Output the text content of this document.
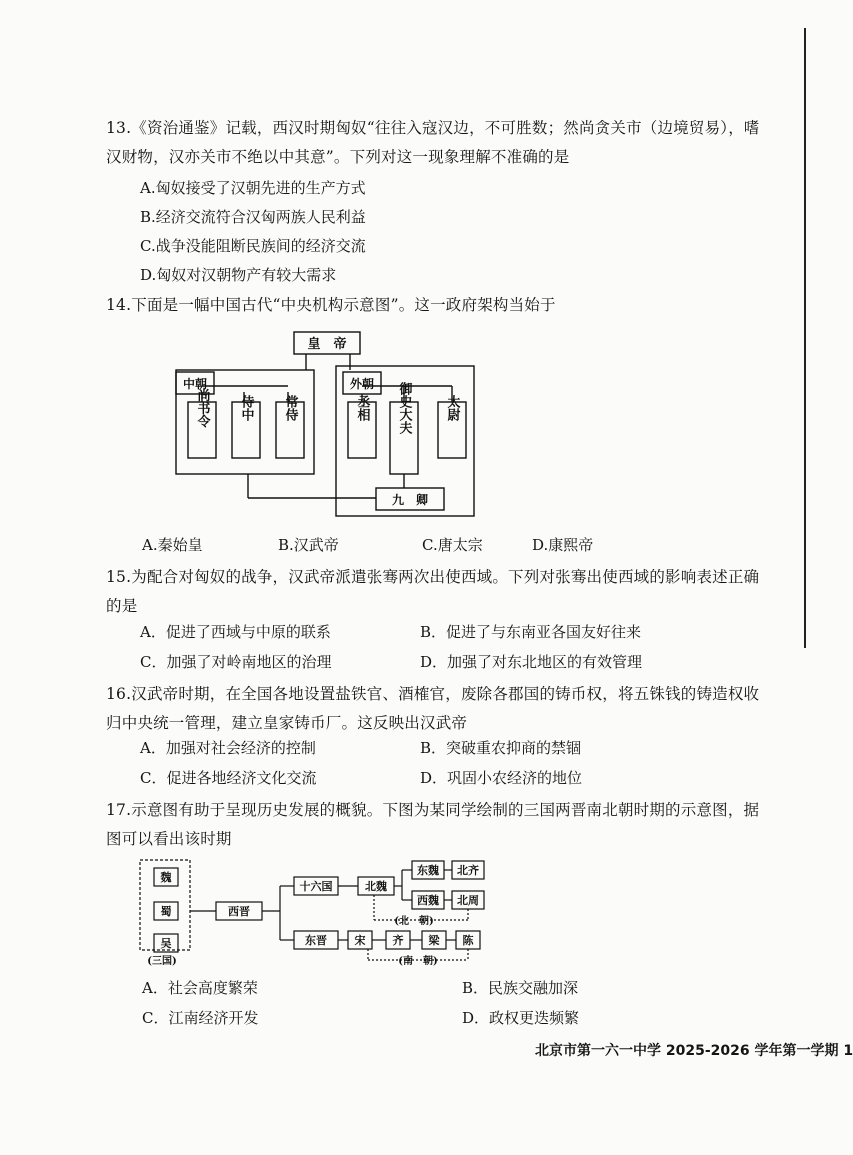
13.《资治通鉴》记载，西汉时期匈奴“往往入寇汉边，不可胜数；然尚贪关市（边境贸易），嗜
汉财物，汉亦关市不绝以中其意”。下列对这一现象理解不准确的是
A.匈奴接受了汉朝先进的生产方式
B.经济交流符合汉匈两族人民利益
C.战争没能阻断民族间的经济交流
D.匈奴对汉朝物产有较大需求
14.下面是一幅中国古代“中央机构示意图”。这一政府架构当始于
皇　帝
中朝	外朝
九　卿
尚书令 侍中 常侍	丞相 御史大夫	太尉
A.秦始皇	B.汉武帝	C.唐太宗	D.康熙帝
15.为配合对匈奴的战争，汉武帝派遣张骞两次出使西域。下列对张骞出使西域的影响表述正确
的是
A．促进了西域与中原的联系	B．促进了与东南亚各国友好往来
C．加强了对岭南地区的治理	D．加强了对东北地区的有效管理
16.汉武帝时期，在全国各地设置盐铁官、酒榷官，废除各郡国的铸币权，将五铢钱的铸造权收
归中央统一管理，建立皇家铸币厂。这反映出汉武帝
A．加强对社会经济的控制	B．突破重农抑商的禁锢
C．促进各地经济文化交流	D．巩固小农经济的地位
17.示意图有助于呈现历史发展的概貌。下图为某同学绘制的三国两晋南北朝时期的示意图，据
图可以看出该时期
魏
蜀
吴
西晋
十六国	北魏
东魏 北齐
西魏 北周
东晋	宋 齐 梁 陈
(三国)
(北　朝)
(南　朝)
A．社会高度繁荣	B．民族交融加深
C．江南经济开发	D．政权更迭频繁
北京市第一六一中学 2025-2026 学年第一学期 1
